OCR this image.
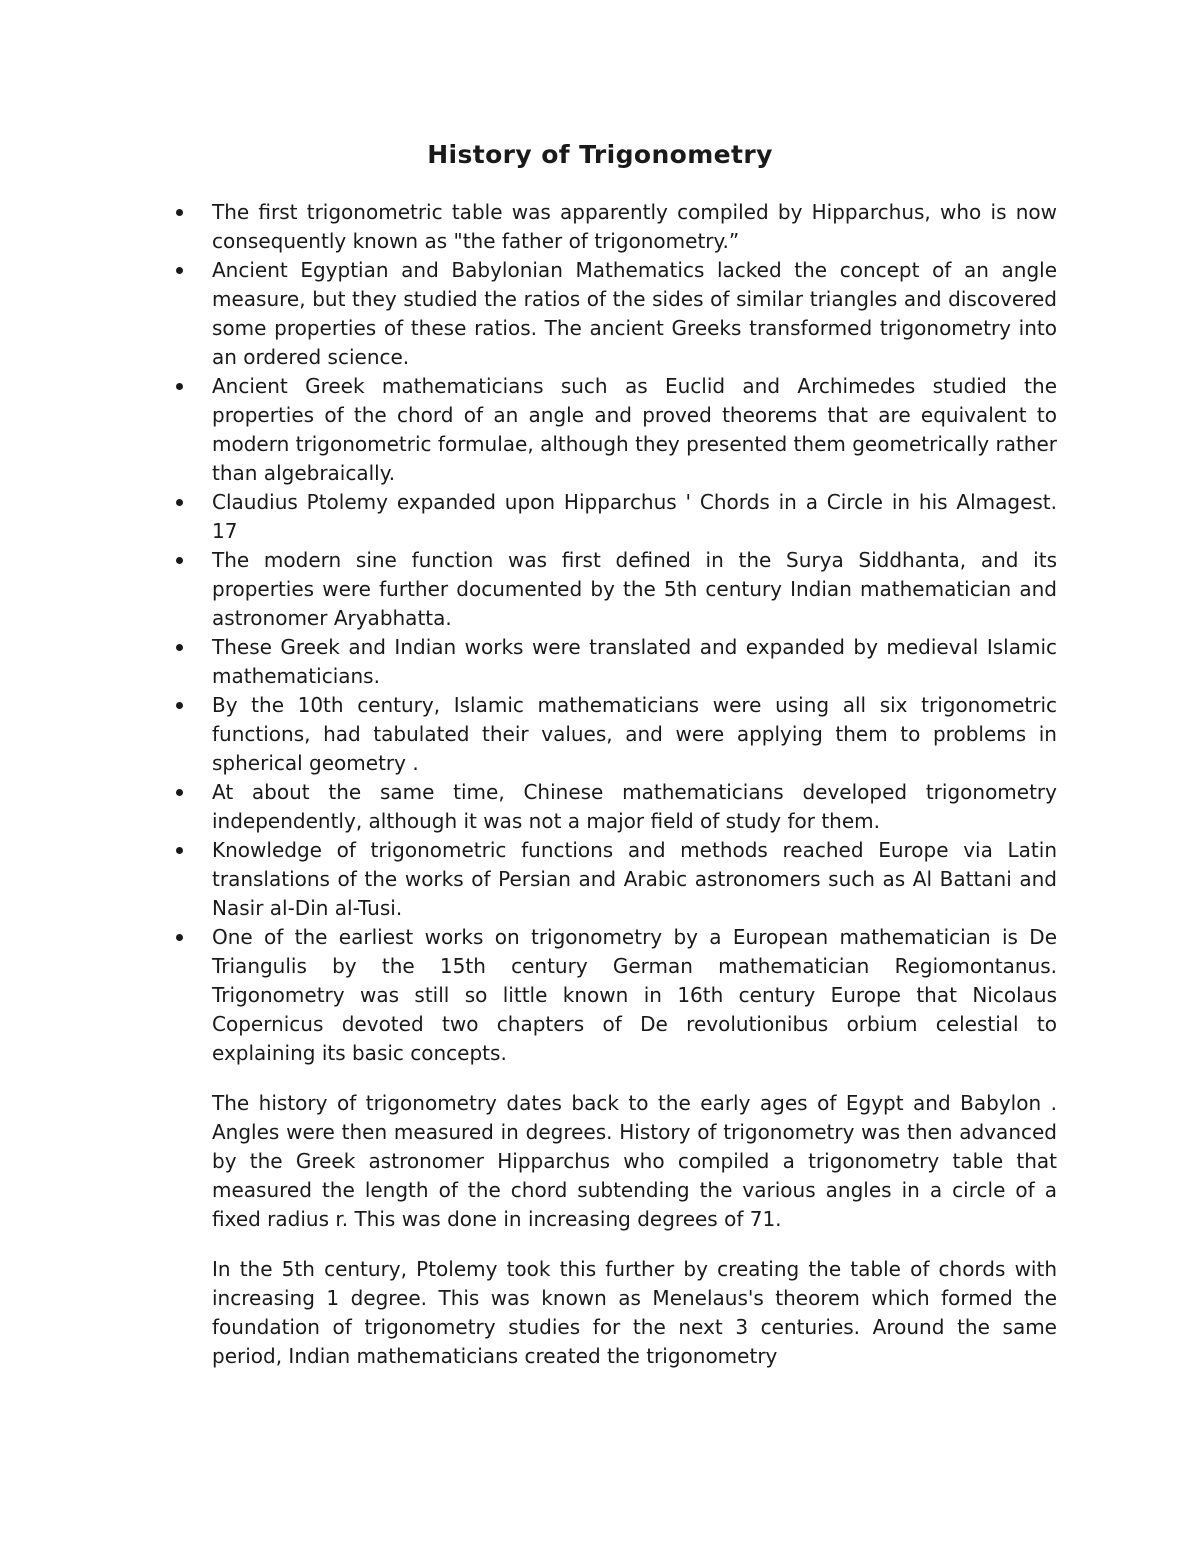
History of Trigonometry
The first trigonometric table was apparently compiled by Hipparchus, who is now consequently known as "the father of trigonometry.”
Ancient Egyptian and Babylonian Mathematics lacked the concept of an angle measure, but they studied the ratios of the sides of similar triangles and discovered some properties of these ratios. The ancient Greeks transformed trigonometry into an ordered science.
Ancient Greek mathematicians such as Euclid and Archimedes studied the properties of the chord of an angle and proved theorems that are equivalent to modern trigonometric formulae, although they presented them geometrically rather than algebraically.
Claudius Ptolemy expanded upon Hipparchus ' Chords in a Circle in his Almagest. 17
The modern sine function was first defined in the Surya Siddhanta, and its properties were further documented by the 5th century Indian mathematician and astronomer Aryabhatta.
These Greek and Indian works were translated and expanded by medieval Islamic mathematicians.
By the 10th century, Islamic mathematicians were using all six trigonometric functions, had tabulated their values, and were applying them to problems in spherical geometry .
At about the same time, Chinese mathematicians developed trigonometry independently, although it was not a major field of study for them.
Knowledge of trigonometric functions and methods reached Europe via Latin translations of the works of Persian and Arabic astronomers such as Al Battani and Nasir al-Din al-Tusi.
One of the earliest works on trigonometry by a European mathematician is De Triangulis by the 15th century German mathematician Regiomontanus. Trigonometry was still so little known in 16th century Europe that Nicolaus Copernicus devoted two chapters of De revolutionibus orbium celestial to explaining its basic concepts.

The history of trigonometry dates back to the early ages of Egypt and Babylon . Angles were then measured in degrees. History of trigonometry was then advanced by the Greek astronomer Hipparchus who compiled a trigonometry table that measured the length of the chord subtending the various angles in a circle of a fixed radius r. This was done in increasing degrees of 71.

In the 5th century, Ptolemy took this further by creating the table of chords with increasing 1 degree. This was known as Menelaus's theorem which formed the foundation of trigonometry studies for the next 3 centuries. Around the same period, Indian mathematicians created the trigonometry
